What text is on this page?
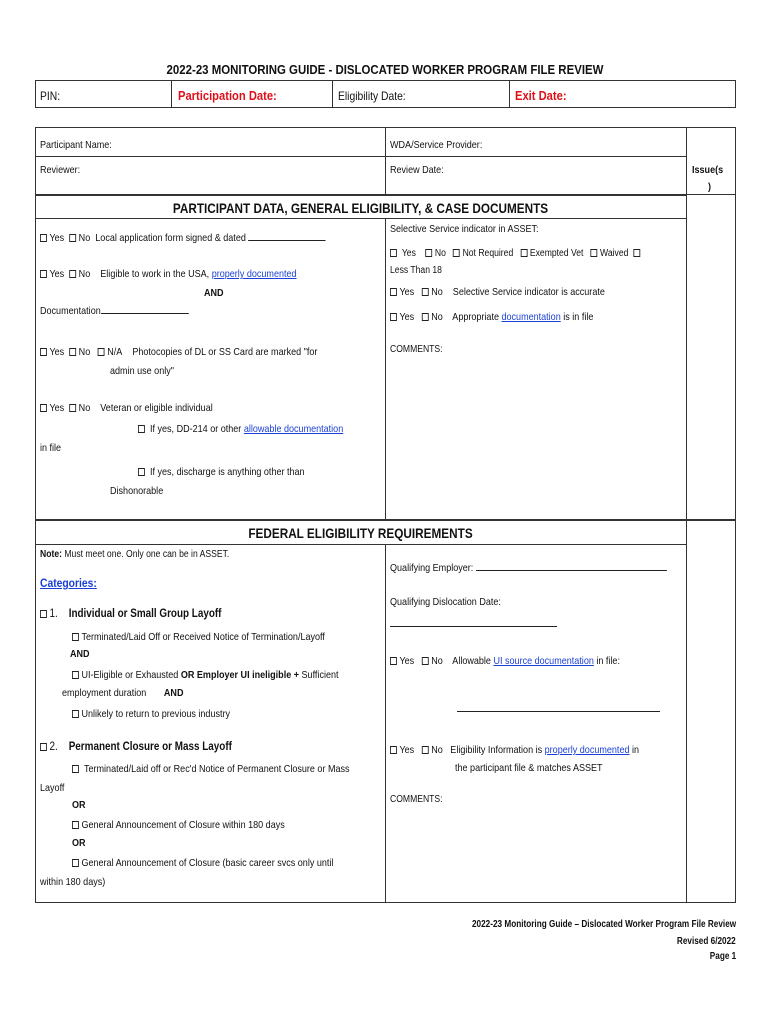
2022-23 MONITORING GUIDE - DISLOCATED WORKER PROGRAM FILE REVIEW
PIN:	Participation Date:	Eligibility Date:	Exit Date:
Participant Name:	WDA/Service Provider:
Reviewer:	Review Date:	Issue(s
)
PARTICIPANT DATA, GENERAL ELIGIBILITY, & CASE DOCUMENTS
Yes No Local application form signed & dated
Yes No Eligible to work in the USA, properly documented
AND
Documentation
Yes No N/A Photocopies of DL or SS Card are marked "for
admin use only"
Yes No Veteran or eligible individual
If yes, DD-214 or other allowable documentation
in file
If yes, discharge is anything other than
Dishonorable
Selective Service indicator in ASSET:
Yes No Not Required Exempted Vet Waived
Less Than 18
Yes No Selective Service indicator is accurate
Yes No Appropriate documentation is in file
COMMENTS:
FEDERAL ELIGIBILITY REQUIREMENTS
Note: Must meet one. Only one can be in ASSET.
Categories:
1. Individual or Small Group Layoff
Terminated/Laid Off or Received Notice of Termination/Layoff
AND
UI-Eligible or Exhausted OR Employer UI ineligible + Sufficient
employment duration AND
Unlikely to return to previous industry
2. Permanent Closure or Mass Layoff
Terminated/Laid off or Rec'd Notice of Permanent Closure or Mass
Layoff
OR
General Announcement of Closure within 180 days
OR
General Announcement of Closure (basic career svcs only until
within 180 days)
Qualifying Employer:
Qualifying Dislocation Date:
Yes No Allowable UI source documentation in file:
Yes No Eligibility Information is properly documented in
the participant file & matches ASSET
COMMENTS:
2022-23 Monitoring Guide – Dislocated Worker Program File Review
Revised 6/2022
Page 1
